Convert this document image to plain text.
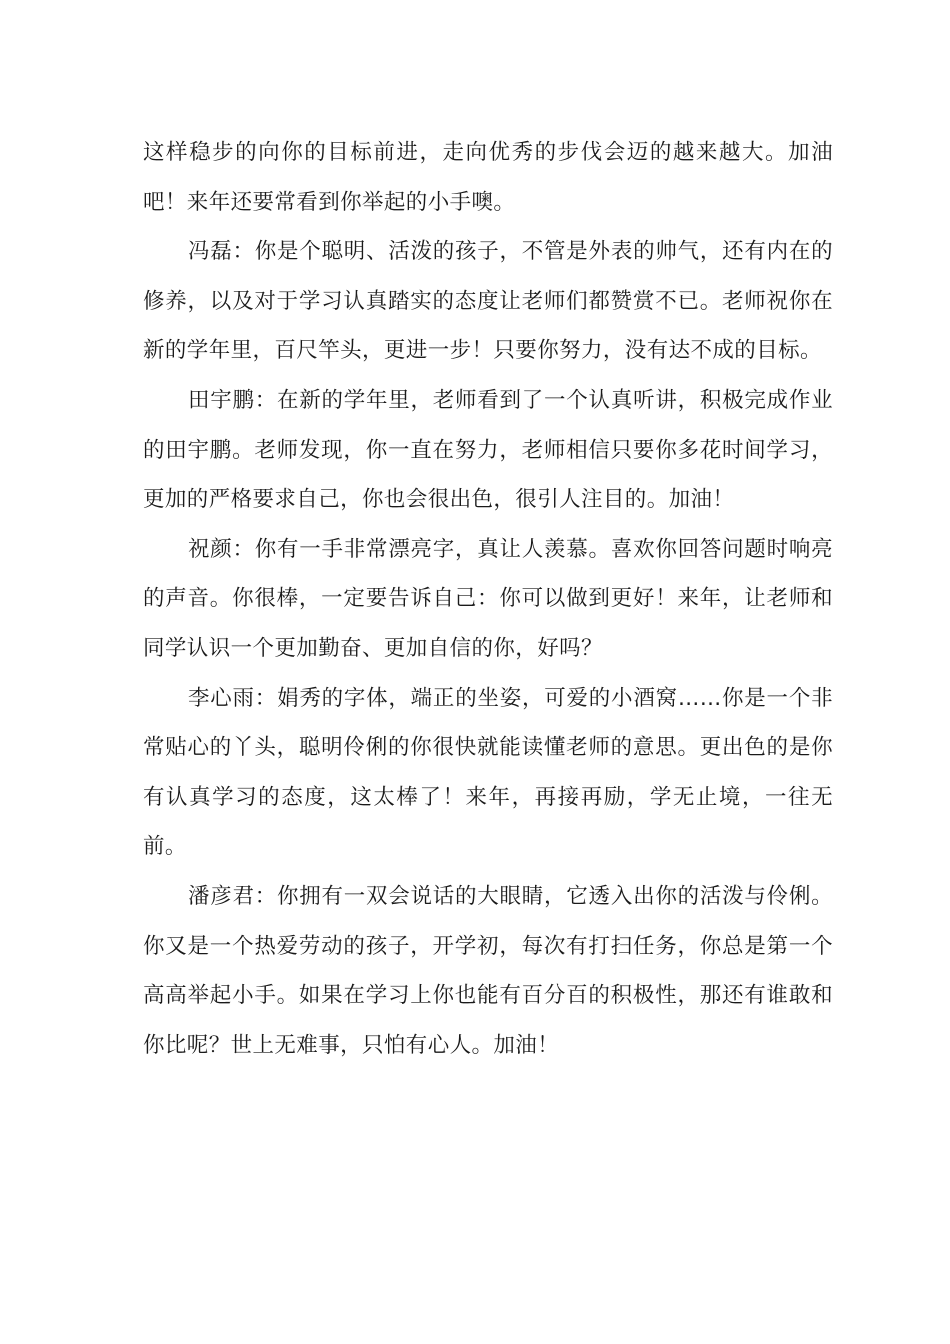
这样稳步的向你的目标前进，走向优秀的步伐会迈的越来越大。加油吧！来年还要常看到你举起的小手噢。

冯磊：你是个聪明、活泼的孩子，不管是外表的帅气，还有内在的修养，以及对于学习认真踏实的态度让老师们都赞赏不已。老师祝你在新的学年里，百尺竿头，更进一步！只要你努力，没有达不成的目标。

田宇鹏：在新的学年里，老师看到了一个认真听讲，积极完成作业的田宇鹏。老师发现，你一直在努力，老师相信只要你多花时间学习，更加的严格要求自己，你也会很出色，很引人注目的。加油！

祝颜：你有一手非常漂亮字，真让人羡慕。喜欢你回答问题时响亮的声音。你很棒，一定要告诉自己：你可以做到更好！来年，让老师和同学认识一个更加勤奋、更加自信的你，好吗？

李心雨：娟秀的字体，端正的坐姿，可爱的小酒窝……你是一个非常贴心的丫头，聪明伶俐的你很快就能读懂老师的意思。更出色的是你有认真学习的态度，这太棒了！来年，再接再励，学无止境，一往无前。

潘彦君：你拥有一双会说话的大眼睛，它透入出你的活泼与伶俐。你又是一个热爱劳动的孩子，开学初，每次有打扫任务，你总是第一个高高举起小手。如果在学习上你也能有百分百的积极性，那还有谁敢和你比呢？世上无难事，只怕有心人。加油！
